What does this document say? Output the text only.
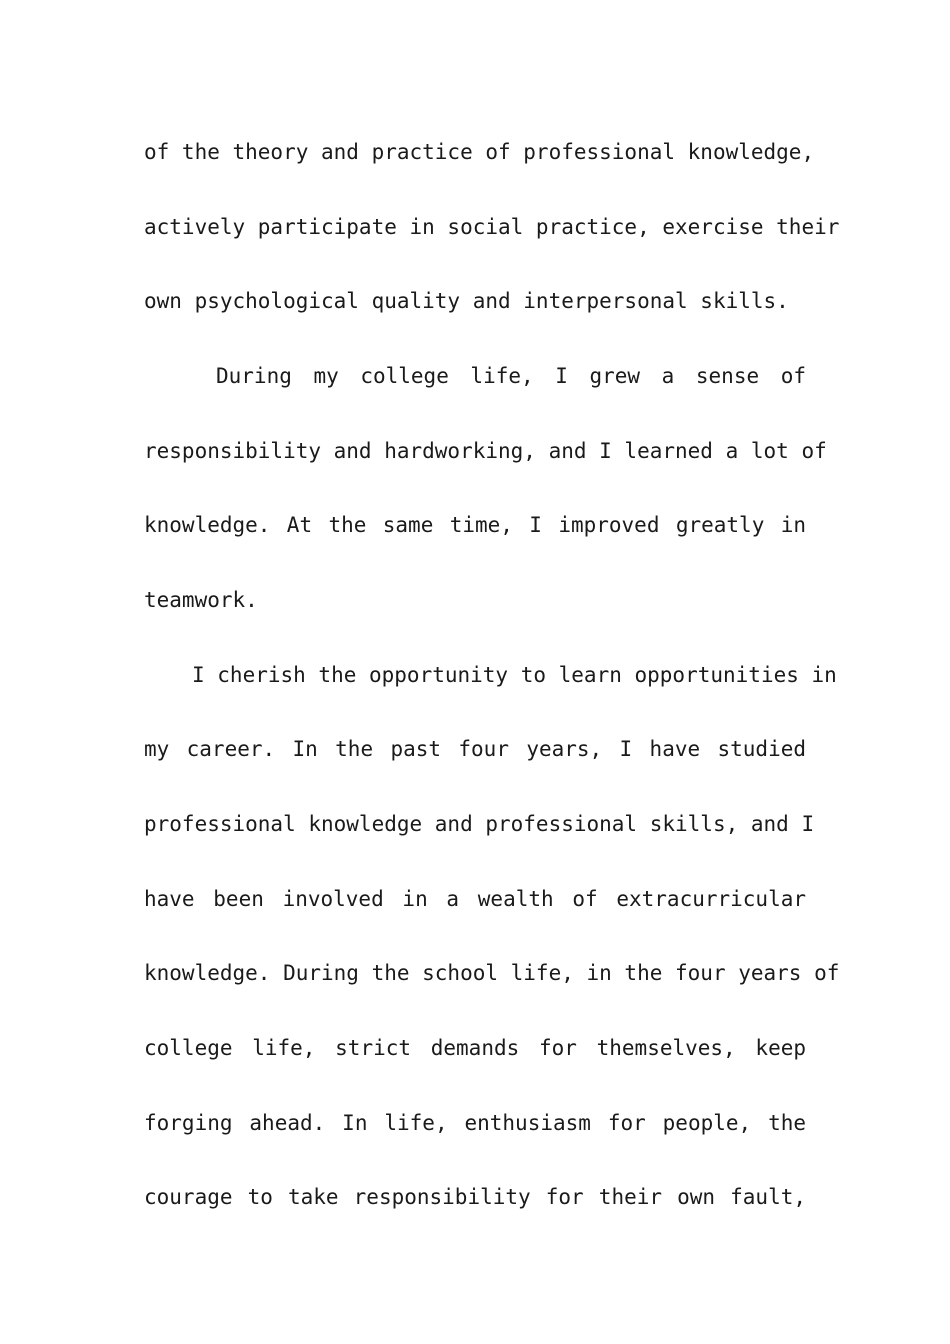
of the theory and practice of professional knowledge,
actively participate in social practice, exercise their
own psychological quality and interpersonal skills.
During my college life, I grew a sense of
responsibility and hardworking, and I learned a lot of
knowledge. At the same time, I improved greatly in
teamwork.
I cherish the opportunity to learn opportunities in
my career. In the past four years, I have studied
professional knowledge and professional skills, and I
have been involved in a wealth of extracurricular
knowledge. During the school life, in the four years of
college life, strict demands for themselves, keep
forging ahead. In life, enthusiasm for people, the
courage to take responsibility for their own fault,
